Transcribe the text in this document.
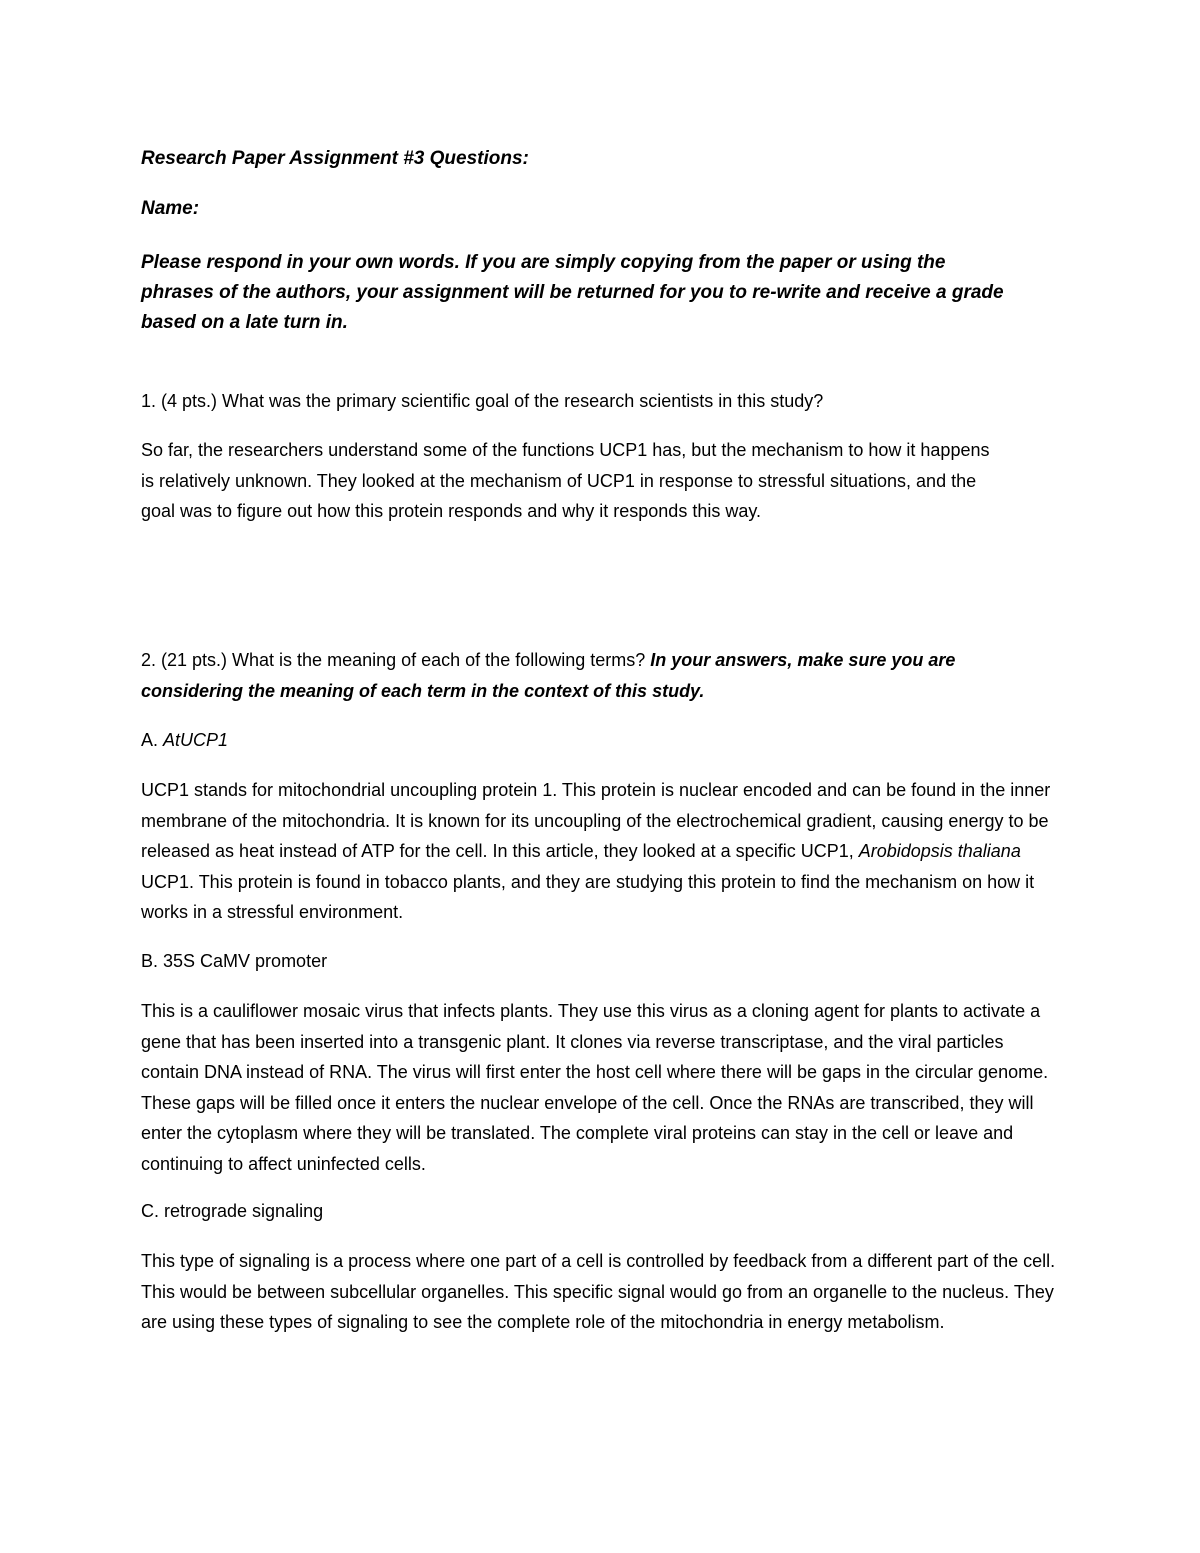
Research Paper Assignment #3 Questions:

Name:

Please respond in your own words. If you are simply copying from the paper or using the phrases of the authors, your assignment will be returned for you to re-write and receive a grade based on a late turn in.

1. (4 pts.) What was the primary scientific goal of the research scientists in this study?

So far, the researchers understand some of the functions UCP1 has, but the mechanism to how it happens is relatively unknown. They looked at the mechanism of UCP1 in response to stressful situations, and the goal was to figure out how this protein responds and why it responds this way.

2. (21 pts.) What is the meaning of each of the following terms? In your answers, make sure you are considering the meaning of each term in the context of this study.

A. AtUCP1

UCP1 stands for mitochondrial uncoupling protein 1. This protein is nuclear encoded and can be found in the inner membrane of the mitochondria. It is known for its uncoupling of the electrochemical gradient, causing energy to be released as heat instead of ATP for the cell. In this article, they looked at a specific UCP1, Arobidopsis thaliana UCP1. This protein is found in tobacco plants, and they are studying this protein to find the mechanism on how it works in a stressful environment.

B. 35S CaMV promoter

This is a cauliflower mosaic virus that infects plants. They use this virus as a cloning agent for plants to activate a gene that has been inserted into a transgenic plant. It clones via reverse transcriptase, and the viral particles contain DNA instead of RNA. The virus will first enter the host cell where there will be gaps in the circular genome. These gaps will be filled once it enters the nuclear envelope of the cell. Once the RNAs are transcribed, they will enter the cytoplasm where they will be translated. The complete viral proteins can stay in the cell or leave and continuing to affect uninfected cells.

C. retrograde signaling

This type of signaling is a process where one part of a cell is controlled by feedback from a different part of the cell. This would be between subcellular organelles. This specific signal would go from an organelle to the nucleus. They are using these types of signaling to see the complete role of the mitochondria in energy metabolism.
